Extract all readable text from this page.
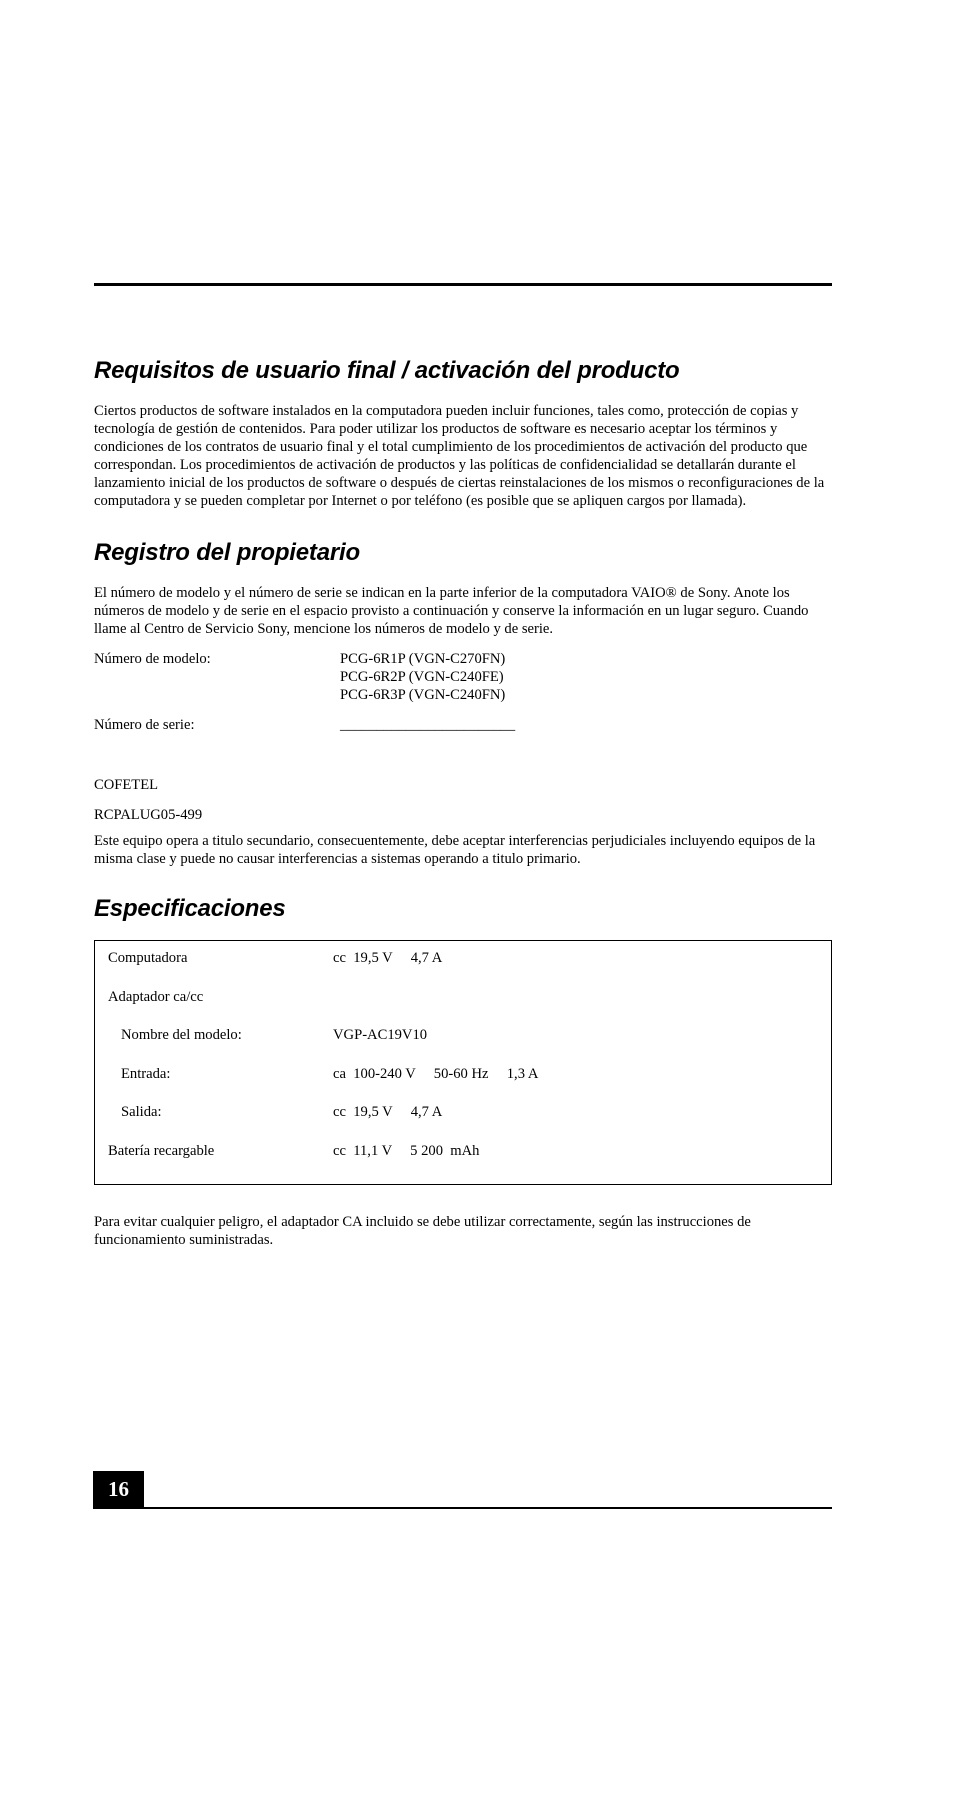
Requisitos de usuario final / activación del producto

Ciertos productos de software instalados en la computadora pueden incluir funciones, tales como, protección de copias y tecnología de gestión de contenidos. Para poder utilizar los productos de software es necesario aceptar los términos y condiciones de los contratos de usuario final y el total cumplimiento de los procedimientos de activación del producto que correspondan. Los procedimientos de activación de productos y las políticas de confidencialidad se detallarán durante el lanzamiento inicial de los productos de software o después de ciertas reinstalaciones de los mismos o reconfiguraciones de la computadora y se pueden completar por Internet o por teléfono (es posible que se apliquen cargos por llamada).

Registro del propietario

El número de modelo y el número de serie se indican en la parte inferior de la computadora VAIO® de Sony. Anote los números de modelo y de serie en el espacio provisto a continuación y conserve la información en un lugar seguro. Cuando llame al Centro de Servicio Sony, mencione los números de modelo y de serie.

Número de modelo:	PCG-6R1P (VGN-C270FN)
PCG-6R2P (VGN-C240FE)
PCG-6R3P (VGN-C240FN)
Número de serie:	________________________

COFETEL

RCPALUG05-499

Este equipo opera a titulo secundario, consecuentemente, debe aceptar interferencias perjudiciales incluyendo equipos de la misma clase y puede no causar interferencias a sistemas operando a titulo primario.

Especificaciones
Computadora	cc  19,5 V     4,7 A
Adaptador ca/cc
Nombre del modelo:	VGP-AC19V10
Entrada:	ca  100-240 V     50-60 Hz     1,3 A
Salida:	cc  19,5 V     4,7 A
Batería recargable	cc  11,1 V     5 200  mAh

Para evitar cualquier peligro, el adaptador CA incluido se debe utilizar correctamente, según las instrucciones de funcionamiento suministradas.

16
